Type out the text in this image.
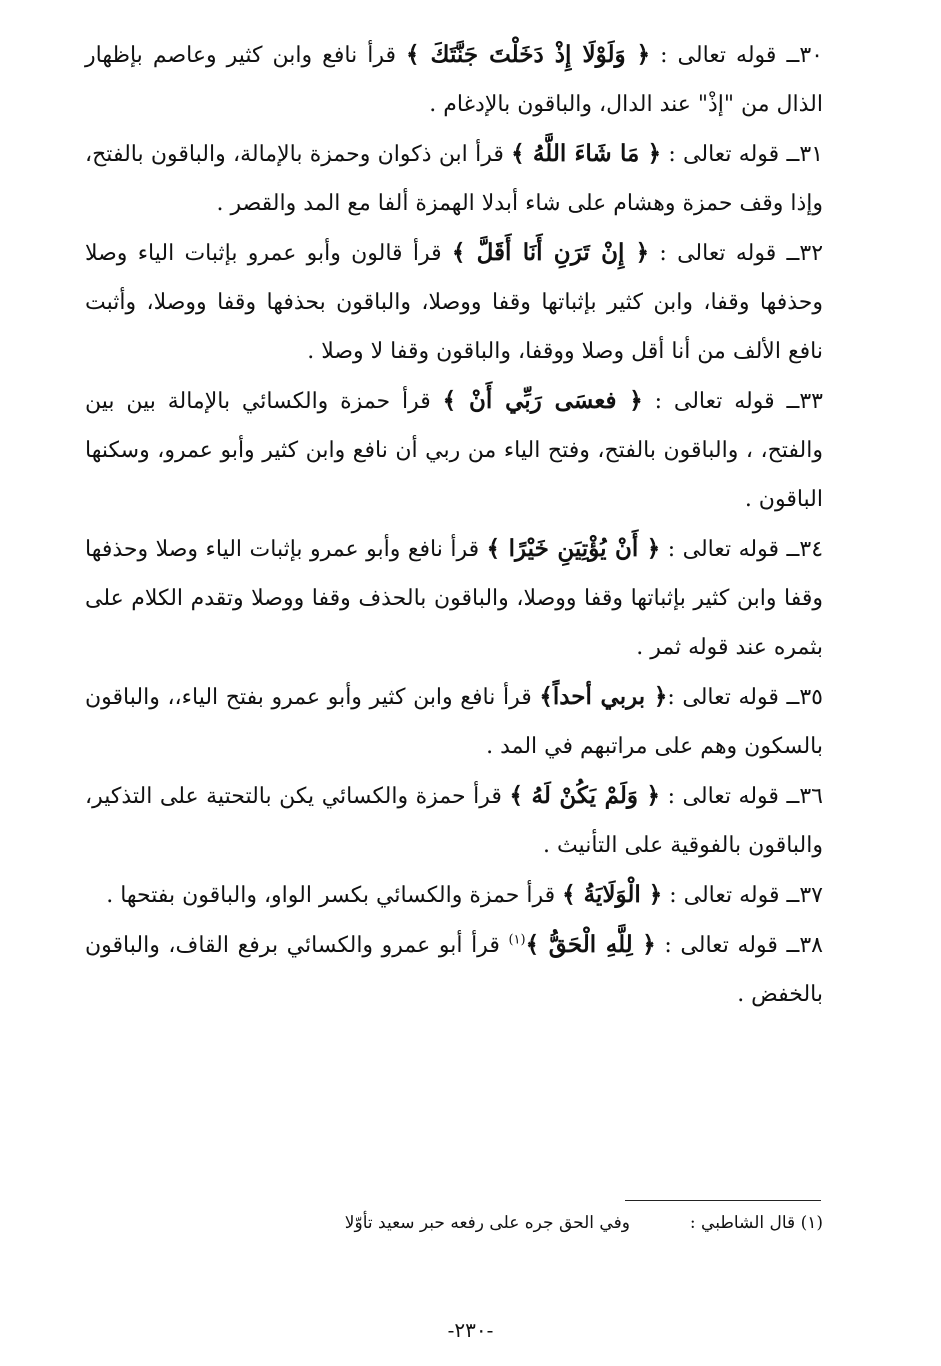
٣٠ــ قوله تعالى : ﴿ وَلَوْلَا إِذْ دَخَلْتَ جَنَّتَكَ ﴾ قرأ نافع وابن كثير وعاصم بإظهار الذال من "إذْ" عند الدال، والباقون بالإدغام .

٣١ــ قوله تعالى : ﴿ مَا شَاءَ اللَّهُ ﴾ قرأ ابن ذكوان وحمزة بالإمالة، والباقون بالفتح، وإذا وقف حمزة وهشام على شاء أبدلا الهمزة ألفا مع المد والقصر .

٣٢ــ قوله تعالى : ﴿ إِنْ تَرَنِ أَنَا أَقَلَّ ﴾ قرأ قالون وأبو عمرو بإثبات الياء وصلا وحذفها وقفا، وابن كثير بإثباتها وقفا ووصلا، والباقون بحذفها وقفا ووصلا، وأثبت نافع الألف من أنا أقل وصلا ووقفا، والباقون وقفا لا وصلا .

٣٣ــ قوله تعالى : ﴿ فعسَى رَبِّي أَنْ ﴾ قرأ حمزة والكسائي بالإمالة بين بين والفتح، ، والباقون بالفتح، وفتح الياء من ربي أن نافع وابن كثير وأبو عمرو، وسكنها الباقون .

٣٤ــ قوله تعالى : ﴿ أَنْ يُؤْتِيَنِ خَيْرًا ﴾ قرأ نافع وأبو عمرو بإثبات الياء وصلا وحذفها وقفا وابن كثير بإثباتها وقفا ووصلا، والباقون بالحذف وقفا ووصلا وتقدم الكلام على بثمره عند قوله ثمر .

٣٥ــ قوله تعالى :﴿ بربي أحداً﴾ قرأ نافع وابن كثير وأبو عمرو بفتح الياء،، والباقون بالسكون وهم على مراتبهم في المد .

٣٦ــ قوله تعالى : ﴿ وَلَمْ يَكُنْ لَهُ ﴾ قرأ حمزة والكسائي يكن بالتحتية على التذكير، والباقون بالفوقية على التأنيث .

٣٧ــ قوله تعالى : ﴿ الْوَلَايَةُ ﴾ قرأ حمزة والكسائي بكسر الواو، والباقون بفتحها .

٣٨ــ قوله تعالى : ﴿ لِلَّهِ الْحَقُّ ﴾$^{(١)}$ قرأ أبو عمرو والكسائي برفع القاف، والباقون بالخفض .

(١) قال الشاطبي :وفي الحق جره على رفعه حبر سعيد تأوّلا
-٢٣٠-
